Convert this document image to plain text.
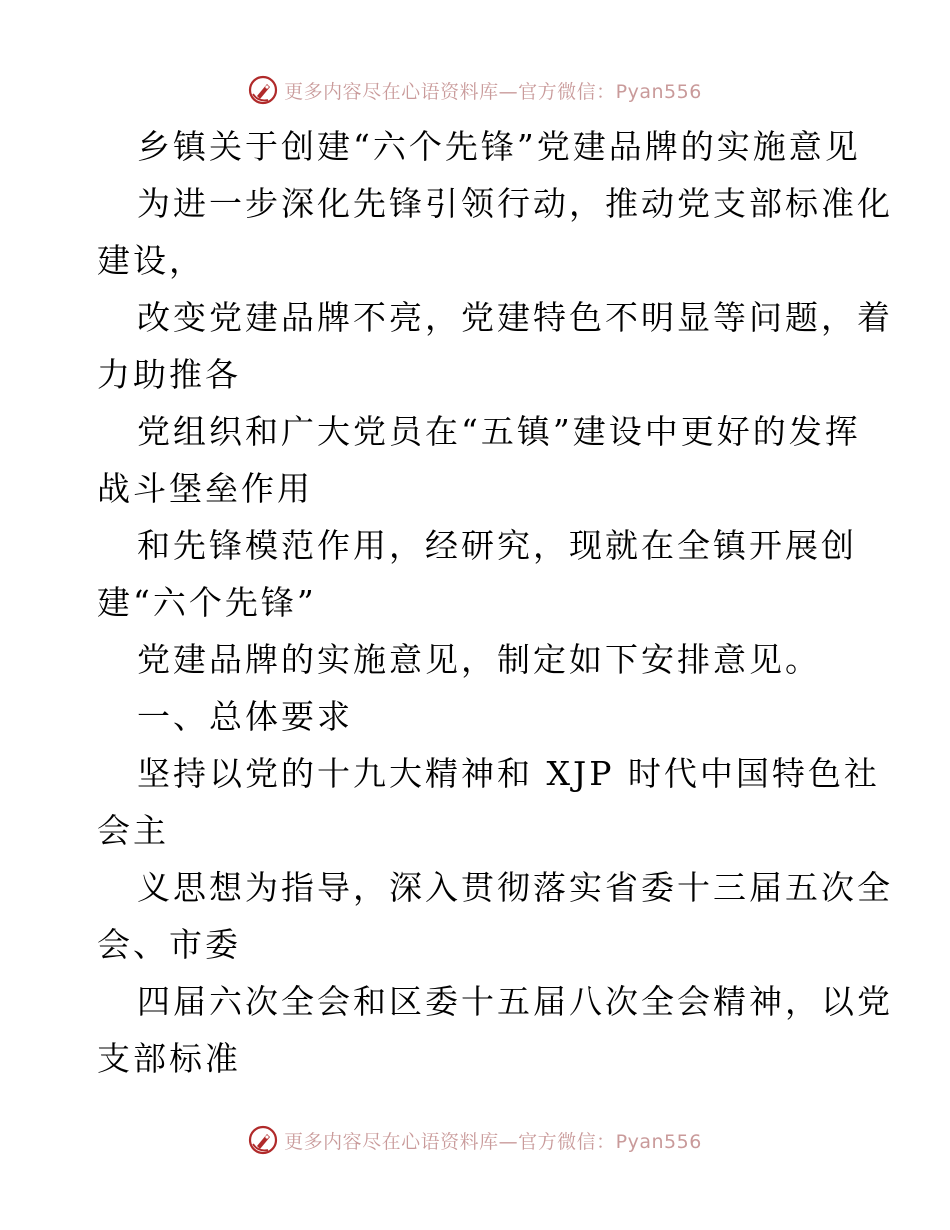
更多内容尽在心语资料库—官方微信：Pyan556
乡镇关于创建“六个先锋”党建品牌的实施意见
为进一步深化先锋引领行动，推动党支部标准化
建设，
改变党建品牌不亮，党建特色不明显等问题，着
力助推各
党组织和广大党员在“五镇”建设中更好的发挥
战斗堡垒作用
和先锋模范作用，经研究，现就在全镇开展创
建“六个先锋”
党建品牌的实施意见，制定如下安排意见。
一、总体要求
坚持以党的十九大精神和 XJP 时代中国特色社
会主
义思想为指导，深入贯彻落实省委十三届五次全
会、市委
四届六次全会和区委十五届八次全会精神，以党
支部标准
更多内容尽在心语资料库—官方微信：Pyan556
